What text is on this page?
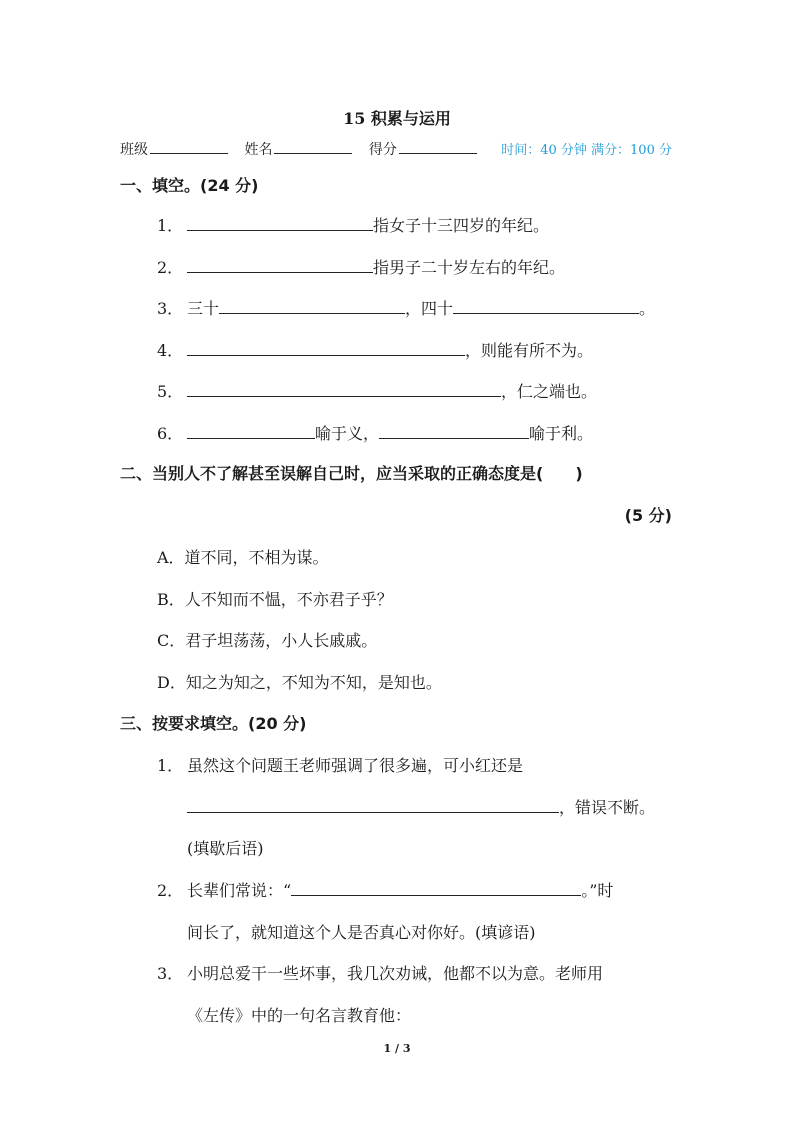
15 积累与运用
班级	姓名	得分	时间：40 分钟 满分：100 分
一、填空。(24 分)
1．	指女子十三四岁的年纪。
2．	指男子二十岁左右的年纪。
3． 三十	，四十	。
4．	，则能有所不为。
5．	，仁之端也。
6．	喻于义，	喻于利。
二、当别人不了解甚至误解自己时，应当采取的正确态度是(　　)
(5 分)
A．道不同，不相为谋。
B．人不知而不愠，不亦君子乎？
C．君子坦荡荡，小人长戚戚。
D．知之为知之，不知为不知，是知也。
三、按要求填空。(20 分)
1． 虽然这个问题王老师强调了很多遍，可小红还是
，错误不断。
(填歇后语)
2． 长辈们常说：“	。”时
间长了，就知道这个人是否真心对你好。(填谚语)
3． 小明总爱干一些坏事，我几次劝诫，他都不以为意。老师用
《左传》中的一句名言教育他：
1 / 3
